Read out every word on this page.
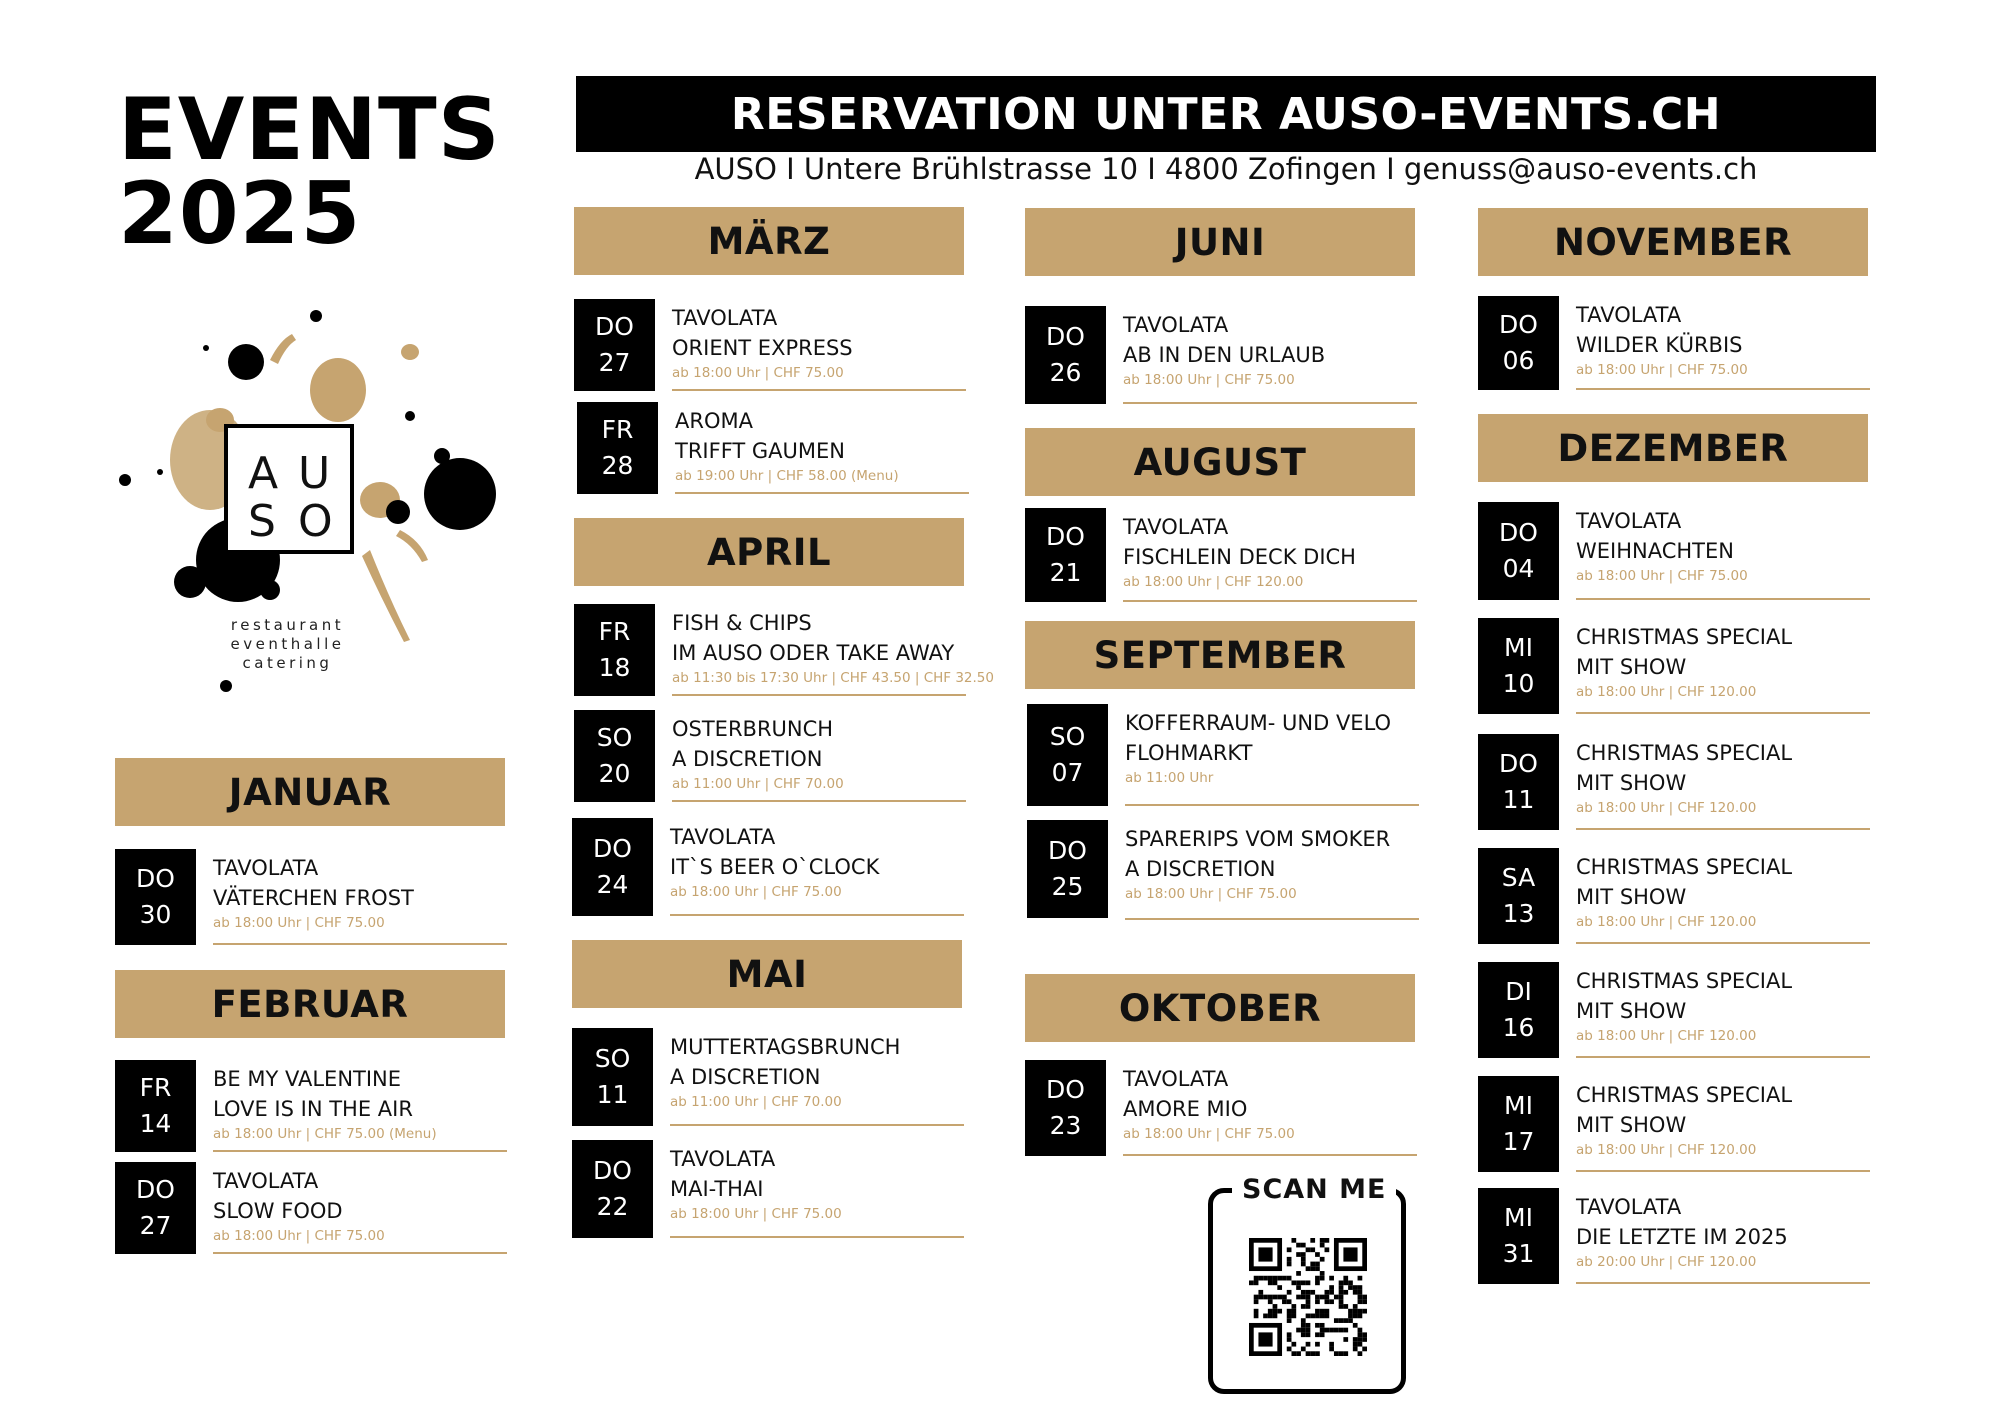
EVENTS
2025
RESERVATION UNTER AUSO-EVENTS.CH
AUSO I Untere Brühlstrasse 10 I 4800 Zofingen I genuss@auso-events.ch
A U
S O
restaurant
eventhalle
catering
JANUAR
DO
30
TAVOLATA
VÄTERCHEN FROST
ab 18:00 Uhr | CHF 75.00
FEBRUAR
FR
14
BE MY VALENTINE
LOVE IS IN THE AIR
ab 18:00 Uhr | CHF 75.00 (Menu)
DO
27
TAVOLATA
SLOW FOOD
ab 18:00 Uhr | CHF 75.00
MÄRZ
DO
27
TAVOLATA
ORIENT EXPRESS
ab 18:00 Uhr | CHF 75.00
FR
28
AROMA
TRIFFT GAUMEN
ab 19:00 Uhr | CHF 58.00 (Menu)
APRIL
FR
18
FISH & CHIPS
IM AUSO ODER TAKE AWAY
ab 11:30 bis 17:30 Uhr | CHF 43.50 | CHF 32.50
SO
20
OSTERBRUNCH
A DISCRETION
ab 11:00 Uhr | CHF 70.00
DO
24
TAVOLATA
IT`S BEER O`CLOCK
ab 18:00 Uhr | CHF 75.00
MAI
SO
11
MUTTERTAGSBRUNCH
A DISCRETION
ab 11:00 Uhr | CHF 70.00
DO
22
TAVOLATA
MAI-THAI
ab 18:00 Uhr | CHF 75.00
JUNI
DO
26
TAVOLATA
AB IN DEN URLAUB
ab 18:00 Uhr | CHF 75.00
AUGUST
DO
21
TAVOLATA
FISCHLEIN DECK DICH
ab 18:00 Uhr | CHF 120.00
SEPTEMBER
SO
07
KOFFERRAUM- UND VELO
FLOHMARKT
ab 11:00 Uhr
DO
25
SPARERIPS VOM SMOKER
A DISCRETION
ab 18:00 Uhr | CHF 75.00
OKTOBER
DO
23
TAVOLATA
AMORE MIO
ab 18:00 Uhr | CHF 75.00
SCAN ME
NOVEMBER
DO
06
TAVOLATA
WILDER KÜRBIS
ab 18:00 Uhr | CHF 75.00
DEZEMBER
DO
04
TAVOLATA
WEIHNACHTEN
ab 18:00 Uhr | CHF 75.00
MI
10
CHRISTMAS SPECIAL
MIT SHOW
ab 18:00 Uhr | CHF 120.00
DO
11
CHRISTMAS SPECIAL
MIT SHOW
ab 18:00 Uhr | CHF 120.00
SA
13
CHRISTMAS SPECIAL
MIT SHOW
ab 18:00 Uhr | CHF 120.00
DI
16
CHRISTMAS SPECIAL
MIT SHOW
ab 18:00 Uhr | CHF 120.00
MI
17
CHRISTMAS SPECIAL
MIT SHOW
ab 18:00 Uhr | CHF 120.00
MI
31
TAVOLATA
DIE LETZTE IM 2025
ab 20:00 Uhr | CHF 120.00
